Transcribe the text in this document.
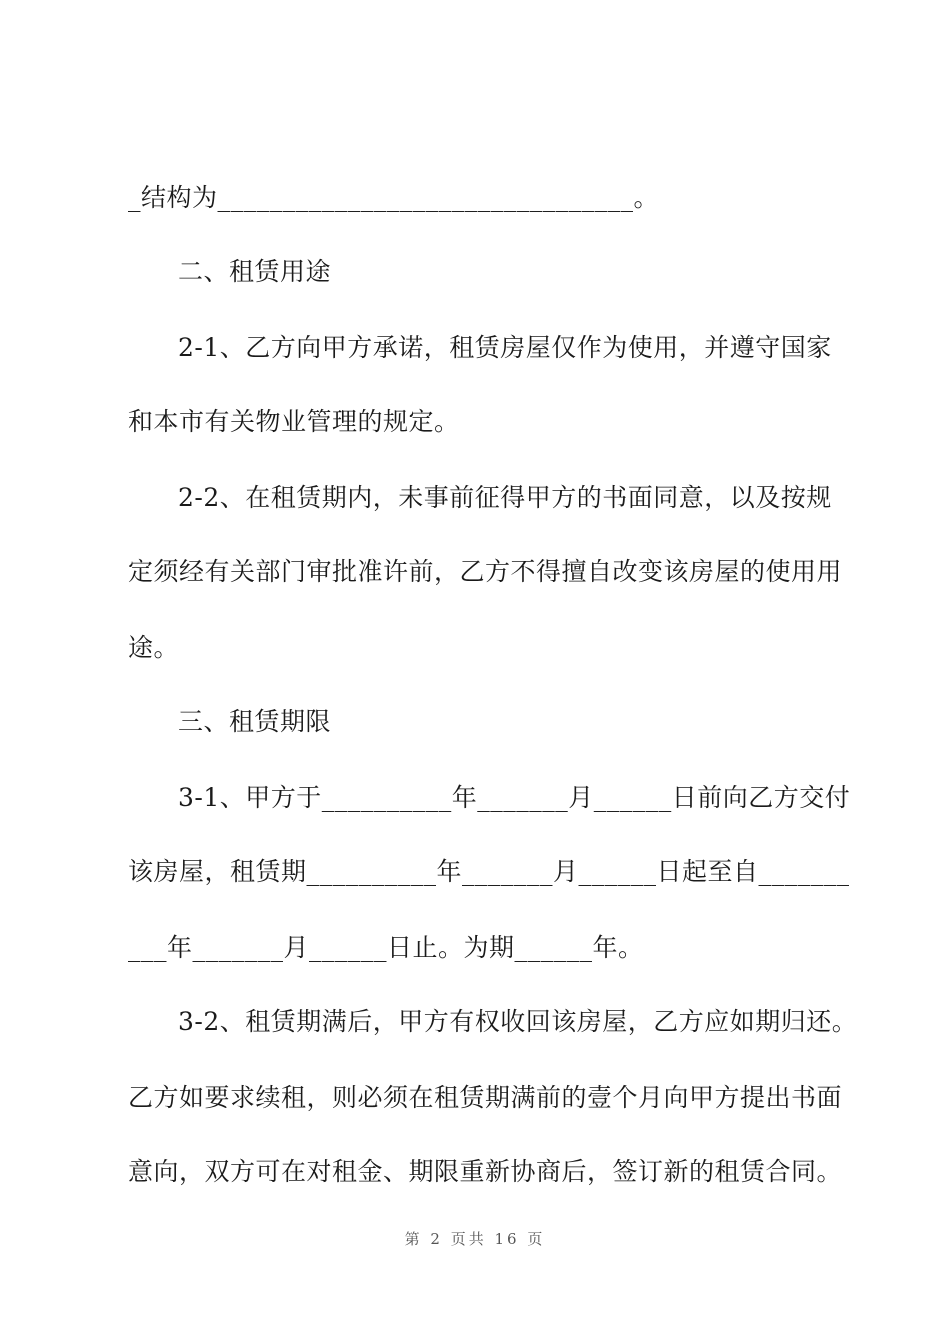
_结构为________________________________。
二、租赁用途
2-1、乙方向甲方承诺，租赁房屋仅作为使用，并遵守国家
和本市有关物业管理的规定。
2-2、在租赁期内，未事前征得甲方的书面同意，以及按规
定须经有关部门审批准许前，乙方不得擅自改变该房屋的使用用
途。
三、租赁期限
3-1、甲方于__________年_______月______日前向乙方交付
该房屋，租赁期__________年_______月______日起至自_______
___年_______月______日止。为期______年。
3-2、租赁期满后，甲方有权收回该房屋，乙方应如期归还。
乙方如要求续租，则必须在租赁期满前的壹个月向甲方提出书面
意向，双方可在对租金、期限重新协商后，签订新的租赁合同。
第 2 页共 16 页
